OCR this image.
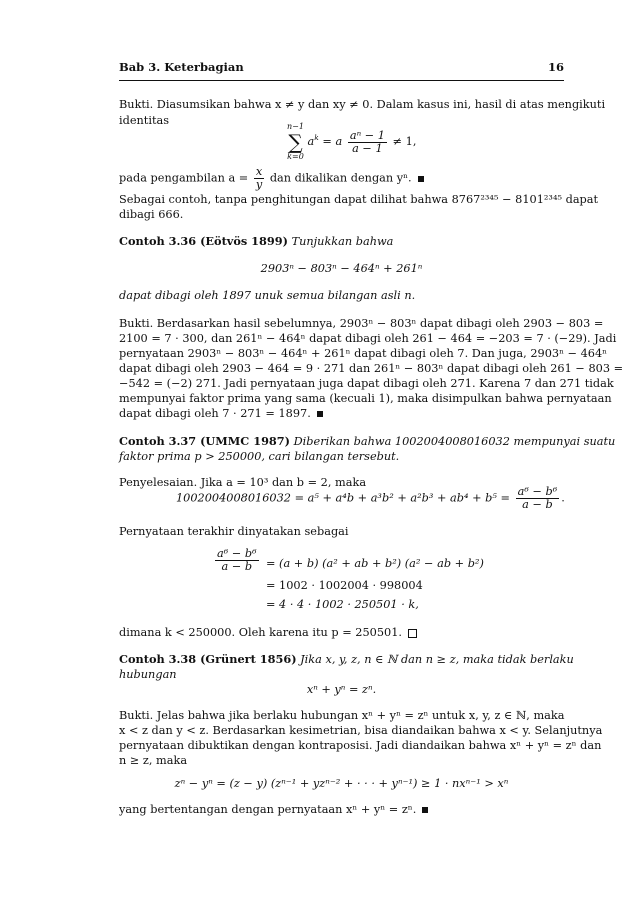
Bab 3. Keterbagian	16
Bukti. Diasumsikan bahwa x ≠ y dan xy ≠ 0. Dalam kasus ini, hasil di atas mengikuti
identitas	n−1
∑
k=0
$a^k = a \frac{\text{aⁿ − 1}}{a - 1} \ne 1$,
pada pengambilan $a = \frac{x}{y}$ dan dikalikan dengan yⁿ.
Sebagai contoh, tanpa penghitungan dapat dilihat bahwa 8767²³⁴⁵ − 8101²³⁴⁵ dapat
dibagi 666.
Contoh 3.36 (Eötvös 1899) Tunjukkan bahwa
2903ⁿ − 803ⁿ − 464ⁿ + 261ⁿ
dapat dibagi oleh 1897 unuk semua bilangan asli n.
Bukti. Berdasarkan hasil sebelumnya, 2903ⁿ − 803ⁿ dapat dibagi oleh 2903 − 803 =
2100 = 7 · 300, dan 261ⁿ − 464ⁿ dapat dibagi oleh 261 − 464 = −203 = 7 · (−29). Jadi
pernyataan 2903ⁿ − 803ⁿ − 464ⁿ + 261ⁿ dapat dibagi oleh 7. Dan juga, 2903ⁿ − 464ⁿ
dapat dibagi oleh 2903 − 464 = 9 · 271 dan 261ⁿ − 803ⁿ dapat dibagi oleh 261 − 803 =
−542 = (−2) 271. Jadi pernyataan juga dapat dibagi oleh 271. Karena 7 dan 271 tidak
mempunyai faktor prima yang sama (kecuali 1), maka disimpulkan bahwa pernyataan
dapat dibagi oleh 7 · 271 = 1897.
Contoh 3.37 (UMMC 1987) Diberikan bahwa 1002004008016032 mempunyai suatu
faktor prima p > 250000, cari bilangan tersebut.
Penyelesaian. Jika a = 10³ dan b = 2, maka
$1002004008016032 = a^5 + a^4b + a^3b^2 + a^2b^3 + ab^4 + b^5 = \frac{\text{a⁶ − b⁶}}{a - b}$ .
Pernyataan terakhir dinyatakan sebagai
$\frac{\text{a⁶ − b⁶}}{a - b} = (a + b) (a^2$ + ab + b²) (a² − ab + b²)
= 1002 · 1002004 · 998004
= 4 · 4 · 1002 · 250501 · k,
dimana k < 250000. Oleh karena itu p = 250501.
Contoh 3.38 (Grünert 1856) Jika x, y, z, n ∈ ℕ dan n ≥ z, maka tidak berlaku
hubungan
xⁿ + yⁿ = zⁿ.
Bukti. Jelas bahwa jika berlaku hubungan xⁿ + yⁿ = zⁿ untuk x, y, z ∈ ℕ, maka
x < z dan y < z. Berdasarkan kesimetrian, bisa diandaikan bahwa x < y. Selanjutnya
pernyataan dibuktikan dengan kontraposisi. Jadi diandaikan bahwa xⁿ + yⁿ = zⁿ dan
n ≥ z, maka
zⁿ − yⁿ = (z − y) (zⁿ⁻¹ + yzⁿ⁻² + · · · + yⁿ⁻¹) ≥ 1 · nxⁿ⁻¹ > xⁿ
yang bertentangan dengan pernyataan xⁿ + yⁿ = zⁿ.
